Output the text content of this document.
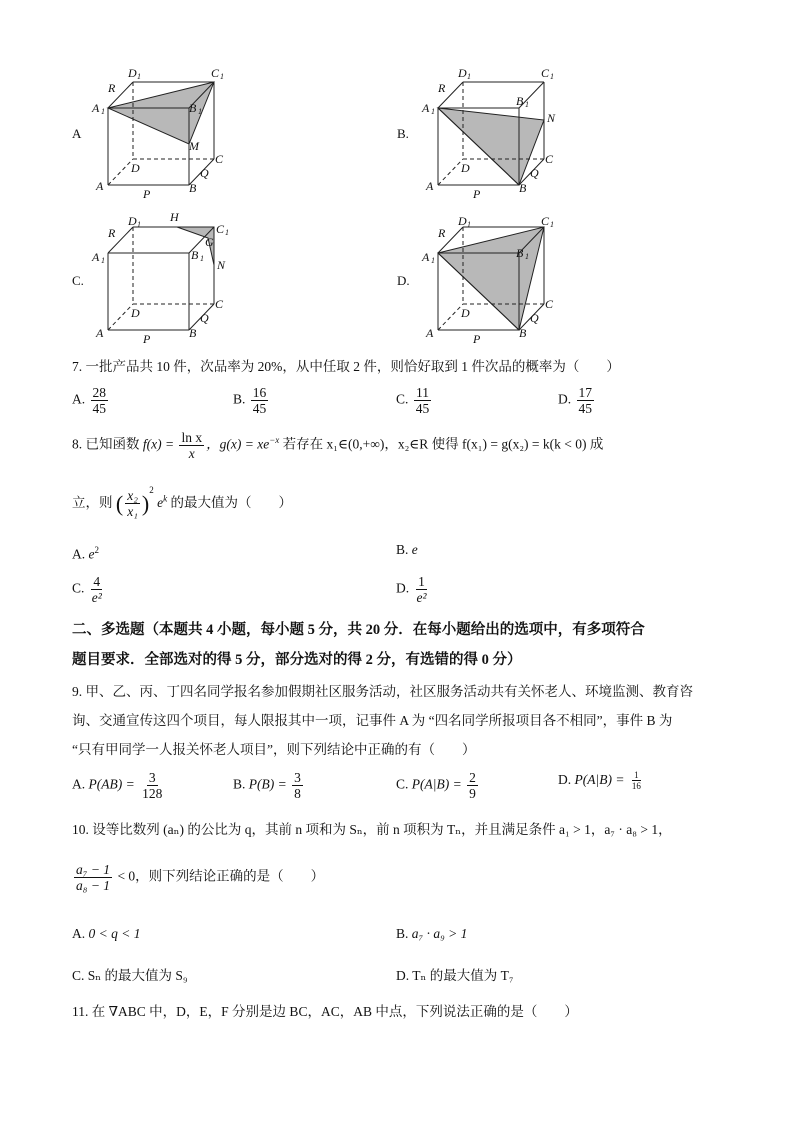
A
D 1	C 1
R
A 1	B 1
M
D
C
Q
A	B
P
B.
D 1	C 1
R
A 1
B 1
N
D
C
Q
A	B
P
C.
D 1
H
C 1
G
R
A 1	B 1 N
D
C
Q
A	B
P
D.
D 1	C 1
R
A 1
B 1
D
C
Q
A	B
P
7. 一批产品共 10 件，次品率为 20%，从中任取 2 件，则恰好取到 1 件次品的概率为（　　）
A. $\frac{28}{45}$	B. $\frac{16}{45}$	C. $\frac{11}{45}$	D. $\frac{17}{45}$
8. 已知函数 $f(x) = \frac{\text{ln x}}{x}$ ，$g(x) = xe^{-x}$ 若存在 x₁∈(0,+∞)，x₂∈R 使得 f(x₁) = g(x₂) = k(k < 0) 成
立，则 ( $\frac{\text{x₂}}{\text{x₁}} )^2$ $e^k$ 的最大值为（　　）
A. $e^2$	B. e
C. $\frac{4}{\text{e²}}$	D. $\frac{1}{\text{e²}}$
二、多选题（本题共 4 小题，每小题 5 分，共 20 分．在每小题给出的选项中，有多项符合
题目要求．全部选对的得 5 分，部分选对的得 2 分，有选错的得 0 分）
9. 甲、乙、丙、丁四名同学报名参加假期社区服务活动，社区服务活动共有关怀老人、环境监测、教育咨
询、交通宣传这四个项目，每人限报其中一项，记事件 A 为 “四名同学所报项目各不相同”，事件 B 为
“只有甲同学一人报关怀老人项目”，则下列结论中正确的有（　　）
A. $P(AB) = \frac{3}{128}$	B. $P(B) = \frac{3}{8}$	C. $P(A|B) = \frac{2}{9}$	D. $P(A|B) = \frac{1}{16}$
10. 设等比数列 (aₙ) 的公比为 q，其前 n 项和为 Sₙ，前 n 项积为 Tₙ，并且满足条件 a₁ > 1，a₇ · a₈ > 1，
$\frac{\text{a₇ − 1}}{\text{a₈ − 1}} < 0$，则下列结论正确的是（　　）
A. 0 < q < 1	B. a₇ · a₉ > 1
C. Sₙ 的最大值为 S₉	D. Tₙ 的最大值为 T₇
11. 在 ∇ABC 中，D，E，F 分别是边 BC，AC，AB 中点，下列说法正确的是（　　）
